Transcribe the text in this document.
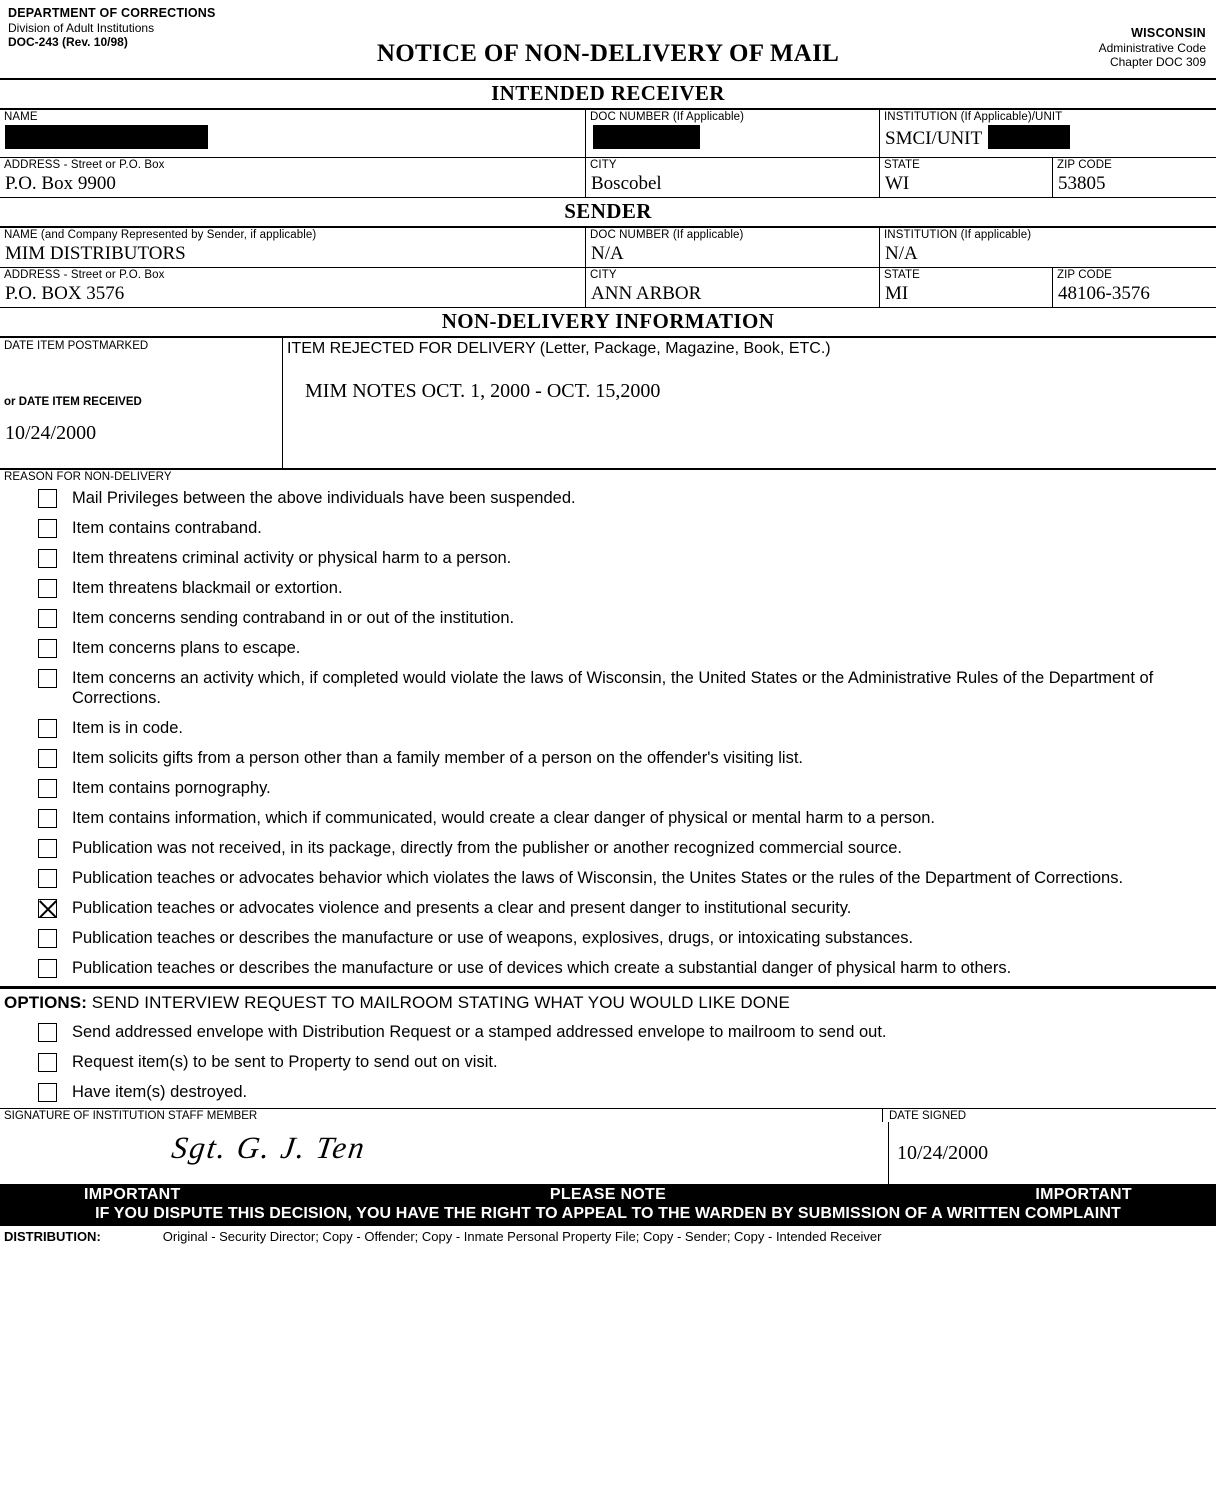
DEPARTMENT OF CORRECTIONS
Division of Adult Institutions
DOC-243 (Rev. 10/98)
WISCONSIN
Administrative Code
Chapter DOC 309
NOTICE OF NON-DELIVERY OF MAIL
INTENDED RECEIVER
NAME	DOC NUMBER (If Applicable)	INSTITUTION (If Applicable)/UNIT
SMCI/UNIT
ADDRESS - Street or P.O. Box
P.O. Box 9900
CITY
Boscobel
STATE
WI
ZIP CODE
53805
SENDER
NAME (and Company Represented by Sender, if applicable)
MIM DISTRIBUTORS
DOC NUMBER (If applicable)
N/A
INSTITUTION (If applicable)
N/A
ADDRESS - Street or P.O. Box
P.O. BOX 3576
CITY
ANN ARBOR
STATE
MI
ZIP CODE
48106-3576
NON-DELIVERY INFORMATION
DATE ITEM POSTMARKED
or DATE ITEM RECEIVED
10/24/2000
ITEM REJECTED FOR DELIVERY (Letter, Package, Magazine, Book, ETC.)
MIM NOTES OCT. 1, 2000 - OCT. 15,2000
REASON FOR NON-DELIVERY
Mail Privileges between the above individuals have been suspended.
Item contains contraband.
Item threatens criminal activity or physical harm to a person.
Item threatens blackmail or extortion.
Item concerns sending contraband in or out of the institution.
Item concerns plans to escape.
Item concerns an activity which, if completed would violate the laws of Wisconsin, the United States or the Administrative Rules of the Department of Corrections.
Item is in code.
Item solicits gifts from a person other than a family member of a person on the offender's visiting list.
Item contains pornography.
Item contains information, which if communicated, would create a clear danger of physical or mental harm to a person.
Publication was not received, in its package, directly from the publisher or another recognized commercial source.
Publication teaches or advocates behavior which violates the laws of Wisconsin, the Unites States or the rules of the Department of Corrections.
Publication teaches or advocates violence and presents a clear and present danger to institutional security.
Publication teaches or describes the manufacture or use of weapons, explosives, drugs, or intoxicating substances.
Publication teaches or describes the manufacture or use of devices which create a substantial danger of physical harm to others.
OPTIONS: SEND INTERVIEW REQUEST TO MAILROOM STATING WHAT YOU WOULD LIKE DONE
Send addressed envelope with Distribution Request or a stamped addressed envelope to mailroom to send out.
Request item(s) to be sent to Property to send out on visit.
Have item(s) destroyed.
SIGNATURE OF INSTITUTION STAFF MEMBER	DATE SIGNED
Sgt. G. J. Ten	10/24/2000
IMPORTANT	PLEASE NOTE	IMPORTANT
IF YOU DISPUTE THIS DECISION, YOU HAVE THE RIGHT TO APPEAL TO THE WARDEN BY SUBMISSION OF A WRITTEN COMPLAINT
DISTRIBUTION:	Original - Security Director; Copy - Offender; Copy - Inmate Personal Property File; Copy - Sender; Copy - Intended Receiver
